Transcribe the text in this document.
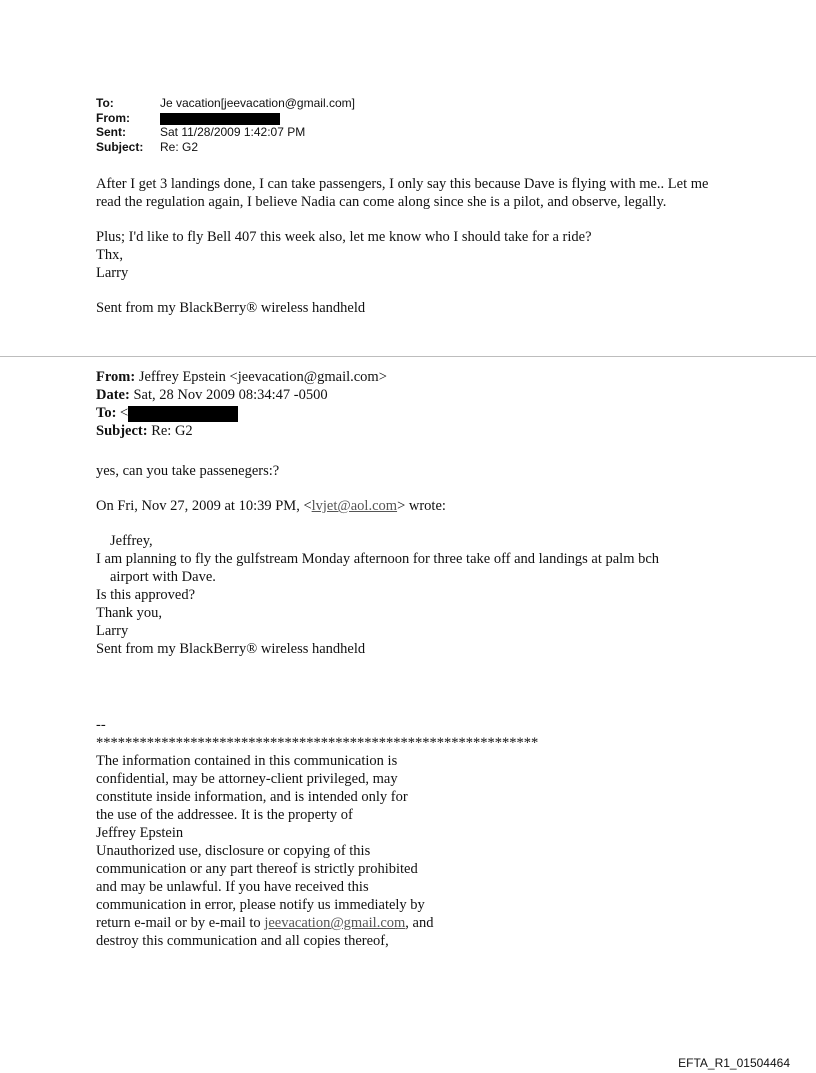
To:	Je vacation[jeevacation@gmail.com]
From:
Sent:	Sat 11/28/2009 1:42:07 PM
Subject: Re: G2

After I get 3 landings done, I can take passengers, I only say this because Dave is flying with me.. Let me read the regulation again, I believe Nadia can come along since she is a pilot, and observe, legally.

Plus; I'd like to fly Bell 407 this week also, let me know who I should take for a ride?
Thx,
Larry

Sent from my BlackBerry® wireless handheld

From: Jeffrey Epstein <jeevacation@gmail.com>
Date: Sat, 28 Nov 2009 08:34:47 -0500
To: <
Subject: Re: G2

yes, can you take passenegers:?

On Fri, Nov 27, 2009 at 10:39 PM, <lvjet@aol.com> wrote:

Jeffrey,
I am planning to fly the gulfstream Monday afternoon for three take off and landings at palm bch
airport with Dave.
Is this approved?
Thank you,
Larry
Sent from my BlackBerry® wireless handheld
--
*************************************************************
The information contained in this communication is
confidential, may be attorney-client privileged, may
constitute inside information, and is intended only for
the use of the addressee. It is the property of
Jeffrey Epstein
Unauthorized use, disclosure or copying of this
communication or any part thereof is strictly prohibited
and may be unlawful. If you have received this
communication in error, please notify us immediately by
return e-mail or by e-mail to jeevacation@gmail.com, and
destroy this communication and all copies thereof,
EFTA_R1_01504464
